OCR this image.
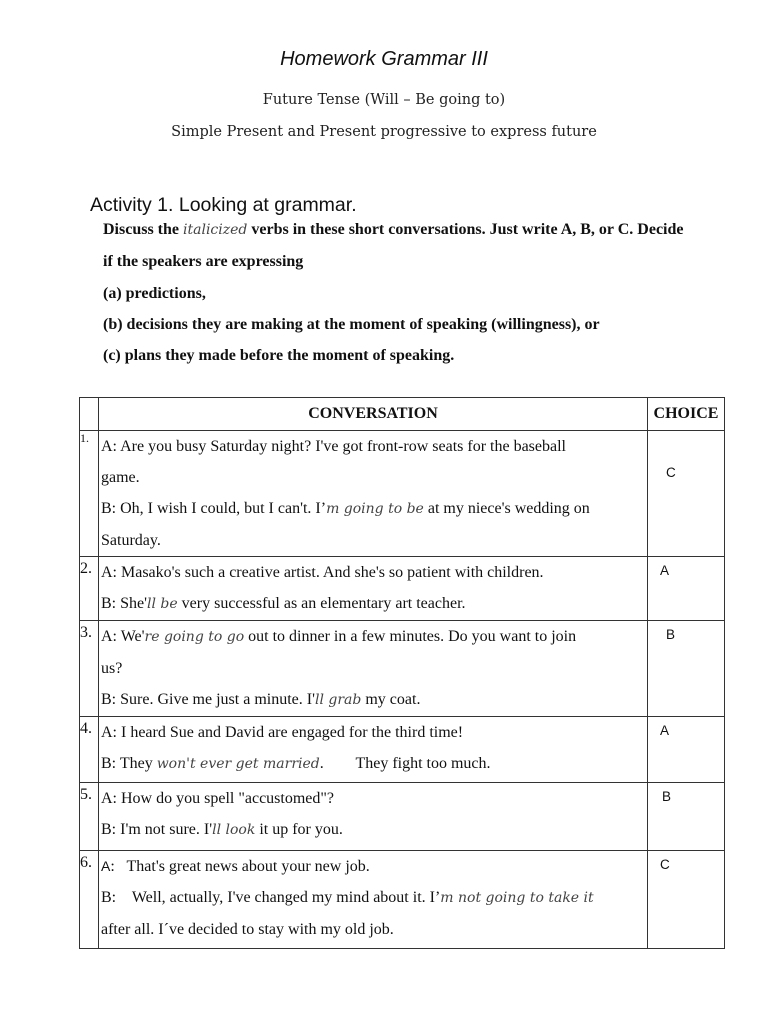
Homework Grammar III
Future Tense (Will – Be going to)
Simple Present and Present progressive to express future
Activity 1. Looking at grammar.
Discuss the italicized verbs in these short conversations. Just write A, B, or C. Decide
if the speakers are expressing
(a) predictions,
(b) decisions they are making at the moment of speaking (willingness), or
(c) plans they made before the moment of speaking.
	CONVERSATION	CHOICE

1.	A: Are you busy Saturday night? I've got front-row seats for the baseball
game.
B: Oh, I wish I could, but I can't. I’m going to be at my niece's wedding on
Saturday.	C

2.	A: Masako's such a creative artist. And she's so patient with children.
B: She'll be very successful as an elementary art teacher.	A

3.	A: We're going to go out to dinner in a few minutes. Do you want to join
us?
B: Sure. Give me just a minute. I'll grab my coat.	B

4.	A: I heard Sue and David are engaged for the third time!
B: They won't ever get married.        They fight too much.	A

5.	A: How do you spell "accustomed"?
B: I'm not sure. I'll look it up for you.	B

6.	A:   That's great news about your new job.
B:    Well, actually, I've changed my mind about it. I’m not going to take it
after all. I´ve decided to stay with my old job.	C
